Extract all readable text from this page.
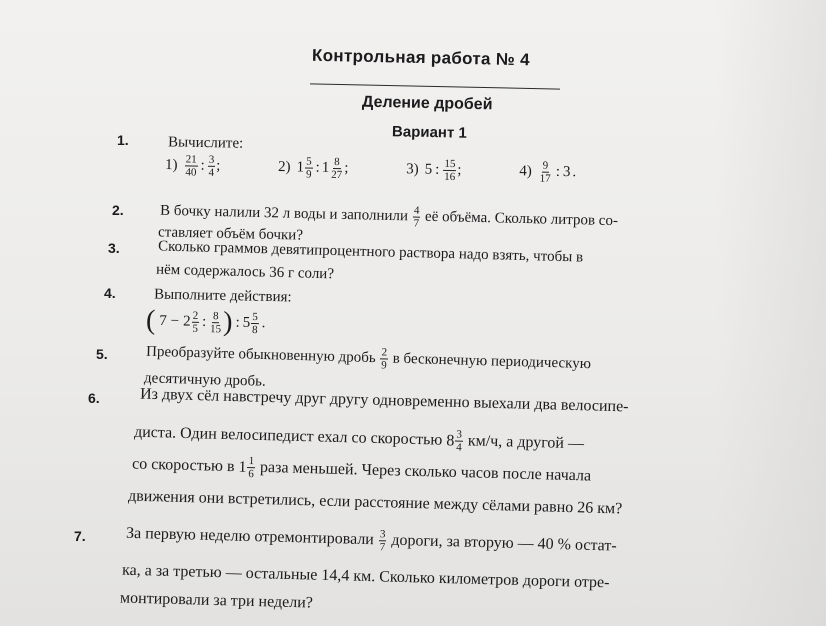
Контрольная работа № 4
Деление дробей
Вариант 1
1.	Вычислите:
$1) \frac{21}{40}$ : $\frac{3}{4}$ ;
	2) $1 \frac{5}{9}$ : $1 \frac{8}{27}$ ;
	3) 5 : $\frac{15}{16}$ ;
	$4) \frac{9}{17}$ : 3 .
2. В бочку налили 32 л воды и заполнили $\frac{4}{7}$ её объёма. Сколько литров со-
ставляет объём бочки?
3.	Сколько граммов девятипроцентного раствора надо взять, чтобы в
нём содержалось 36 г соли?
4.	Выполните действия:
( $7 - 2 \frac{2}{5}$ : $\frac{8}{15}$ ) : $5 \frac{5}{8}$ .
5.	Преобразуйте обыкновенную дробь $\frac{2}{9}$ в бесконечную периодическую
десятичную дробь.
6.	Из двух сёл навстречу друг другу одновременно выехали два велосипе-
диста. Один велосипедист ехал со скоростью $8 \frac{3}{4} км/ч$, а другой —
со скоростью в $1 \frac{1}{6}$ раза меньшей. Через сколько часов после начала
движения они встретились, если расстояние между сёлами равно 26 км?
7.	За первую неделю отремонтировали $\frac{3}{7}$ дороги, за вторую — 40 % остат-
ка, а за третью — остальные 14,4 км. Сколько километров дороги отре-
монтировали за три недели?
